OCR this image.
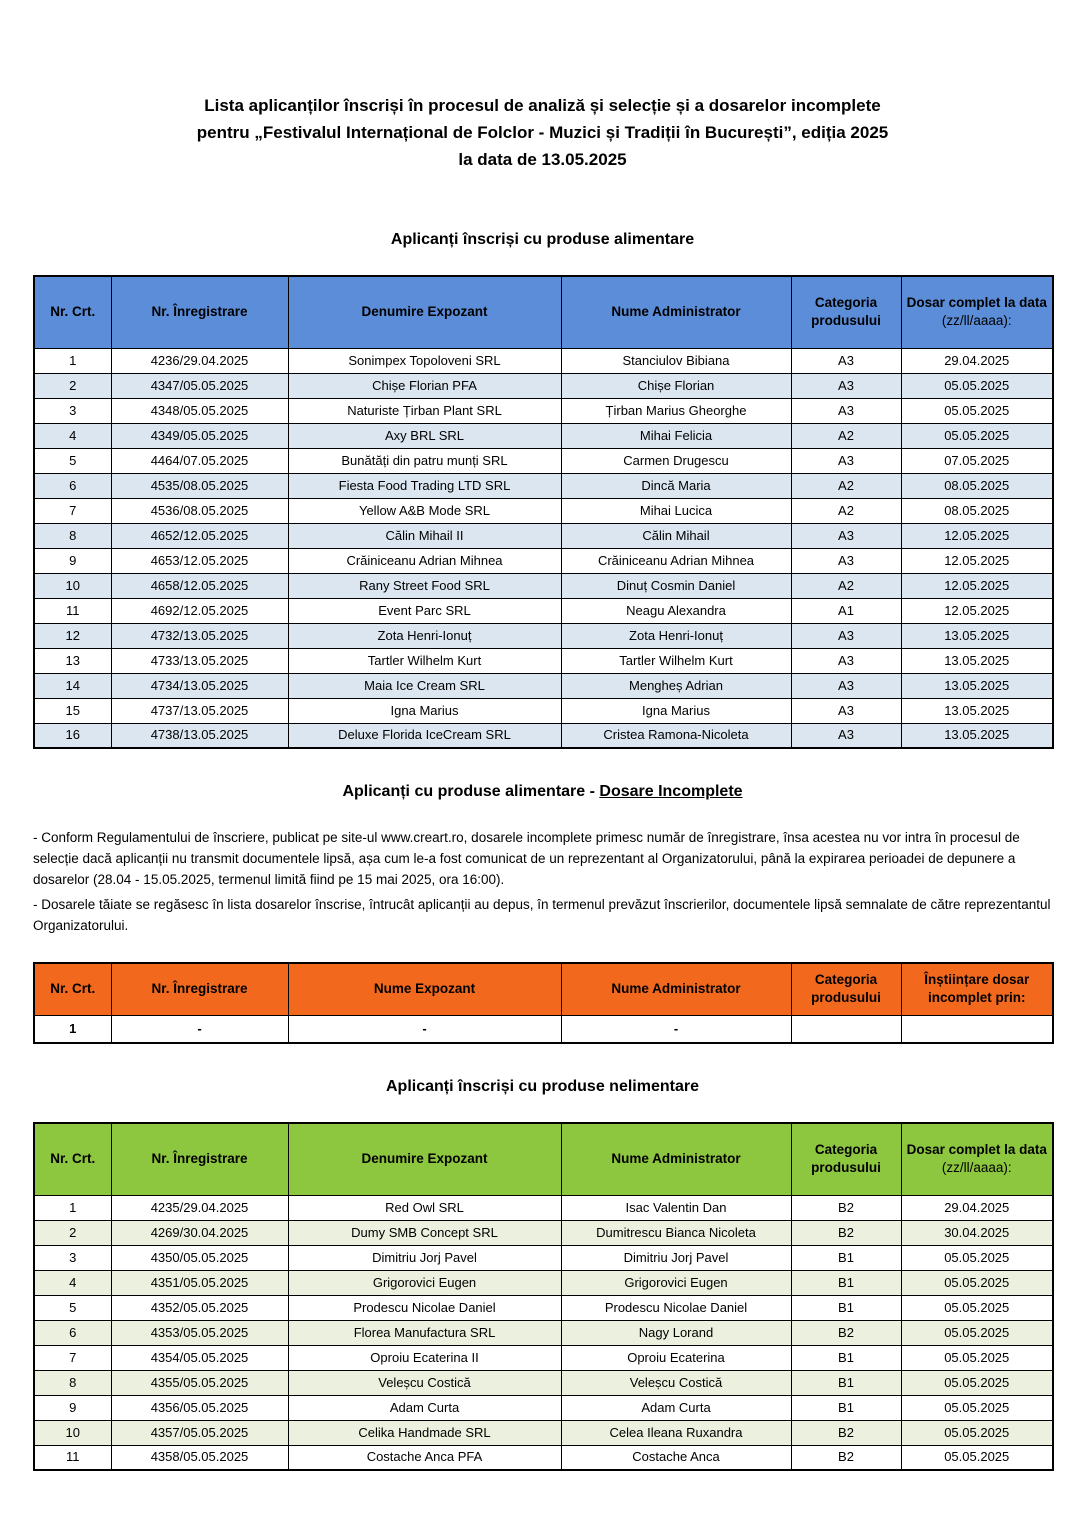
Lista aplicanților înscriși în procesul de analiză și selecție și a dosarelor incomplete
pentru „Festivalul Internațional de Folclor - Muzici și Tradiții în București”, ediția 2025
la data de 13.05.2025
Aplicanți înscriși cu produse alimentare
Nr. Crt.	Nr. Înregistrare	Denumire Expozant	Nume Administrator	Categoria produsului	Dosar complet la data
(zz/ll/aaaa):

1	4236/29.04.2025	Sonimpex Topoloveni SRL	Stanciulov Bibiana	A3	29.04.2025
2	4347/05.05.2025	Chișe Florian PFA	Chișe Florian	A3	05.05.2025
3	4348/05.05.2025	Naturiste Țirban Plant SRL	Țirban Marius Gheorghe	A3	05.05.2025
4	4349/05.05.2025	Axy BRL SRL	Mihai Felicia	A2	05.05.2025
5	4464/07.05.2025	Bunătăți din patru munți SRL	Carmen Drugescu	A3	07.05.2025
6	4535/08.05.2025	Fiesta Food Trading LTD SRL	Dincă Maria	A2	08.05.2025
7	4536/08.05.2025	Yellow A&B Mode SRL	Mihai Lucica	A2	08.05.2025
8	4652/12.05.2025	Călin Mihail II	Călin Mihail	A3	12.05.2025
9	4653/12.05.2025	Crăiniceanu Adrian Mihnea	Crăiniceanu Adrian Mihnea	A3	12.05.2025
10	4658/12.05.2025	Rany Street Food SRL	Dinuț Cosmin Daniel	A2	12.05.2025
11	4692/12.05.2025	Event Parc SRL	Neagu Alexandra	A1	12.05.2025
12	4732/13.05.2025	Zota Henri-Ionuț	Zota Henri-Ionuț	A3	13.05.2025
13	4733/13.05.2025	Tartler Wilhelm Kurt	Tartler Wilhelm Kurt	A3	13.05.2025
14	4734/13.05.2025	Maia Ice Cream SRL	Mengheș Adrian	A3	13.05.2025
15	4737/13.05.2025	Igna Marius	Igna Marius	A3	13.05.2025
16	4738/13.05.2025	Deluxe Florida IceCream SRL	Cristea Ramona-Nicoleta	A3	13.05.2025
Aplicanți cu produse alimentare - Dosare Incomplete

- Conform Regulamentului de înscriere, publicat pe site-ul www.creart.ro, dosarele incomplete primesc număr de înregistrare, însa acestea nu vor intra în procesul de selecție dacă aplicanții nu transmit documentele lipsă, așa cum le-a fost comunicat de un reprezentant al Organizatorului, până la expirarea perioadei de depunere a dosarelor (28.04 - 15.05.2025, termenul limită fiind pe 15 mai 2025, ora 16:00).

- Dosarele tăiate se regăsesc în lista dosarelor înscrise, întrucât aplicanții au depus, în termenul prevăzut înscrierilor, documentele lipsă semnalate de către reprezentantul Organizatorului.

Nr. Crt.	Nr. Înregistrare	Nume Expozant	Nume Administrator	Categoria produsului	Înștiințare dosar incomplet prin:
1	-	-	-		
Aplicanți înscriși cu produse nelimentare
Nr. Crt.	Nr. Înregistrare	Denumire Expozant	Nume Administrator	Categoria produsului	Dosar complet la data
(zz/ll/aaaa):

1	4235/29.04.2025	Red Owl SRL	Isac Valentin Dan	B2	29.04.2025
2	4269/30.04.2025	Dumy SMB Concept SRL	Dumitrescu Bianca Nicoleta	B2	30.04.2025
3	4350/05.05.2025	Dimitriu Jorj Pavel	Dimitriu Jorj Pavel	B1	05.05.2025
4	4351/05.05.2025	Grigorovici Eugen	Grigorovici Eugen	B1	05.05.2025
5	4352/05.05.2025	Prodescu Nicolae Daniel	Prodescu Nicolae Daniel	B1	05.05.2025
6	4353/05.05.2025	Florea Manufactura SRL	Nagy Lorand	B2	05.05.2025
7	4354/05.05.2025	Oproiu Ecaterina II	Oproiu Ecaterina	B1	05.05.2025
8	4355/05.05.2025	Veleșcu Costică	Veleșcu Costică	B1	05.05.2025
9	4356/05.05.2025	Adam Curta	Adam Curta	B1	05.05.2025
10	4357/05.05.2025	Celika Handmade SRL	Celea Ileana Ruxandra	B2	05.05.2025
11	4358/05.05.2025	Costache Anca PFA	Costache Anca	B2	05.05.2025
